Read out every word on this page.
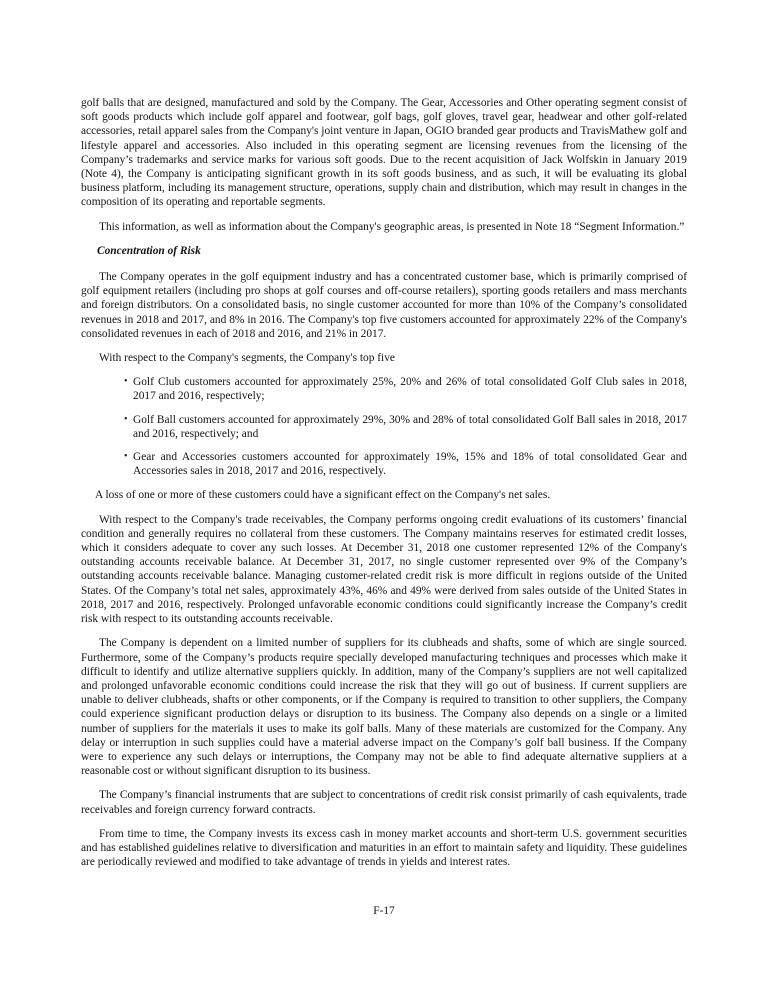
golf balls that are designed, manufactured and sold by the Company. The Gear, Accessories and Other operating segment consist of soft goods products which include golf apparel and footwear, golf bags, golf gloves, travel gear, headwear and other golf-related accessories, retail apparel sales from the Company's joint venture in Japan, OGIO branded gear products and TravisMathew golf and lifestyle apparel and accessories. Also included in this operating segment are licensing revenues from the licensing of the Company’s trademarks and service marks for various soft goods. Due to the recent acquisition of Jack Wolfskin in January 2019 (Note 4), the Company is anticipating significant growth in its soft goods business, and as such, it will be evaluating its global business platform, including its management structure, operations, supply chain and distribution, which may result in changes in the composition of its operating and reportable segments.

This information, as well as information about the Company's geographic areas, is presented in Note 18 “Segment Information.”

Concentration of Risk

The Company operates in the golf equipment industry and has a concentrated customer base, which is primarily comprised of golf equipment retailers (including pro shops at golf courses and off-course retailers), sporting goods retailers and mass merchants and foreign distributors. On a consolidated basis, no single customer accounted for more than 10% of the Company’s consolidated revenues in 2018 and 2017, and 8% in 2016. The Company's top five customers accounted for approximately 22% of the Company's consolidated revenues in each of 2018 and 2016, and 21% in 2017.

With respect to the Company's segments, the Company's top five

• Golf Club customers accounted for approximately 25%, 20% and 26% of total consolidated Golf Club sales in 2018, 2017 and 2016, respectively;
• Golf Ball customers accounted for approximately 29%, 30% and 28% of total consolidated Golf Ball sales in 2018, 2017 and 2016, respectively; and
• Gear and Accessories customers accounted for approximately 19%, 15% and 18% of total consolidated Gear and Accessories sales in 2018, 2017 and 2016, respectively.

A loss of one or more of these customers could have a significant effect on the Company's net sales.

With respect to the Company's trade receivables, the Company performs ongoing credit evaluations of its customers’ financial condition and generally requires no collateral from these customers. The Company maintains reserves for estimated credit losses, which it considers adequate to cover any such losses. At December 31, 2018 one customer represented 12% of the Company's outstanding accounts receivable balance. At December 31, 2017, no single customer represented over 9% of the Company’s outstanding accounts receivable balance. Managing customer-related credit risk is more difficult in regions outside of the United States. Of the Company’s total net sales, approximately 43%, 46% and 49% were derived from sales outside of the United States in 2018, 2017 and 2016, respectively. Prolonged unfavorable economic conditions could significantly increase the Company’s credit risk with respect to its outstanding accounts receivable.

The Company is dependent on a limited number of suppliers for its clubheads and shafts, some of which are single sourced. Furthermore, some of the Company’s products require specially developed manufacturing techniques and processes which make it difficult to identify and utilize alternative suppliers quickly. In addition, many of the Company’s suppliers are not well capitalized and prolonged unfavorable economic conditions could increase the risk that they will go out of business. If current suppliers are unable to deliver clubheads, shafts or other components, or if the Company is required to transition to other suppliers, the Company could experience significant production delays or disruption to its business. The Company also depends on a single or a limited number of suppliers for the materials it uses to make its golf balls. Many of these materials are customized for the Company. Any delay or interruption in such supplies could have a material adverse impact on the Company’s golf ball business. If the Company were to experience any such delays or interruptions, the Company may not be able to find adequate alternative suppliers at a reasonable cost or without significant disruption to its business.

The Company’s financial instruments that are subject to concentrations of credit risk consist primarily of cash equivalents, trade receivables and foreign currency forward contracts.

From time to time, the Company invests its excess cash in money market accounts and short-term U.S. government securities and has established guidelines relative to diversification and maturities in an effort to maintain safety and liquidity. These guidelines are periodically reviewed and modified to take advantage of trends in yields and interest rates.

F-17
